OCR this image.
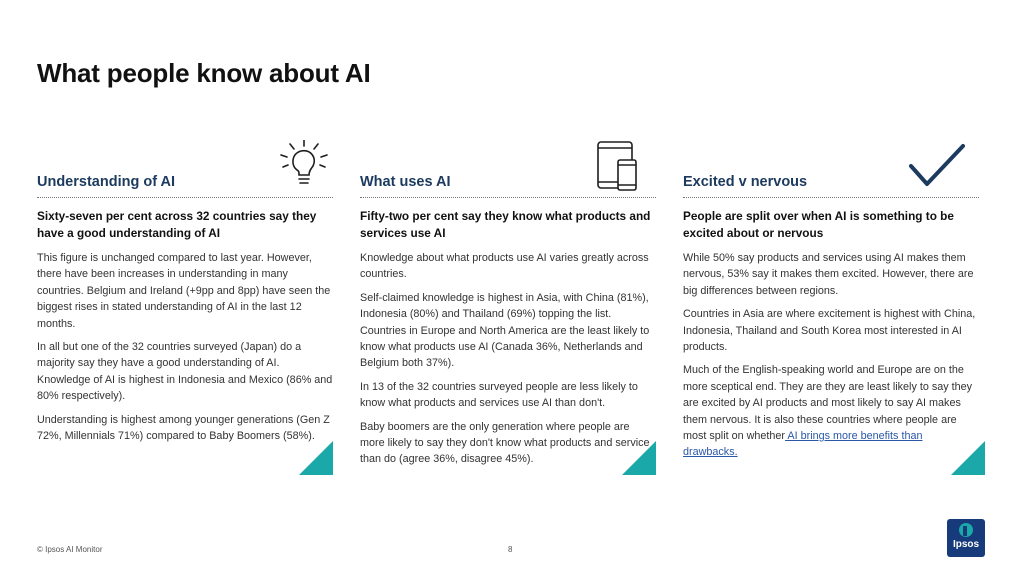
What people know about AI
Understanding of AI

Sixty-seven per cent across 32 countries say they have a good understanding of AI

This figure is unchanged compared to last year. However, there have been increases in understanding in many countries. Belgium and Ireland (+9pp and 8pp) have seen the biggest rises in stated understanding of AI in the last 12 months.

In all but one of the 32 countries surveyed (Japan) do a majority say they have a good understanding of AI. Knowledge of AI is highest in Indonesia and Mexico (86% and 80% respectively).

Understanding is highest among younger generations (Gen Z 72%, Millennials 71%) compared to Baby Boomers (58%).

What uses AI

Fifty-two per cent say they know what products and services use AI

Knowledge about what products use AI varies greatly across countries.

Self-claimed knowledge is highest in Asia, with China (81%), Indonesia (80%) and Thailand (69%) topping the list. Countries in Europe and North America are the least likely to know what products use AI (Canada 36%, Netherlands and Belgium both 37%).

In 13 of the 32 countries surveyed people are less likely to know what products and services use AI than don't.

Baby boomers are the only generation where people are more likely to say they don't know what products and service than do (agree 36%, disagree 45%).

Excited v nervous

People are split over when AI is something to be excited about or nervous

While 50% say products and services using AI makes them nervous, 53% say it makes them excited. However, there are big differences between regions.

Countries in Asia are where excitement is highest with China, Indonesia, Thailand and South Korea most interested in AI products.

Much of the English-speaking world and Europe are on the more sceptical end. They are they are least likely to say they are excited by AI products and most likely to say AI makes them nervous. It is also these countries where people are most split on whether AI brings more benefits than drawbacks.

© Ipsos AI Monitor	8	Ipsos
